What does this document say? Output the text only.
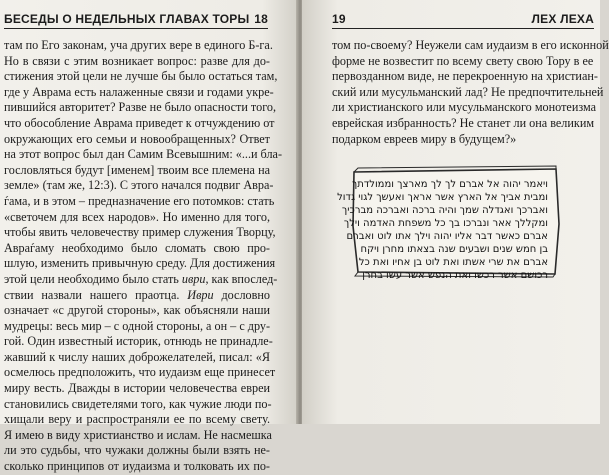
БЕСЕДЫ О НЕДЕЛЬНЫХ ГЛАВАХ ТОРЫ 18
там по Его законам, уча других вере в единого Б-га.
Но в связи с этим возникает вопрос: разве для до-
стижения этой цели не лучше бы было остаться там,
где у Аврама есть налаженные связи и годами укре-
пившийся авторитет? Разве не было опасности того,
что обособление Аврама приведет к отчуждению от
окружающих его семьи и новообращенных? Ответ
на этот вопрос был дан Самим Всевышним: «...и бла-
гословляться будут [именем] твоим все племена на
земле» (там же, 12:3). С этого начался подвиг Авра-
ѓама, и в этом – предназначение его потомков: стать
«светочем для всех народов». Но именно для того,
чтобы явить человечеству пример служения Творцу,
Авраѓаму необходимо было сломать свою про-
шлую, изменить привычную среду. Для достижения
этой цели необходимо было стать иври, как впослед-
ствии назвали нашего праотца. Иври дословно
означает «с другой стороны», как объясняли наши
мудрецы: весь мир – с одной стороны, а он – с дру-
гой. Один известный историк, отнюдь не принадле-
жавший к числу наших доброжелателей, писал: «Я
осмелюсь предположить, что иудаизм еще принесет
миру весть. Дважды в истории человечества евреи
становились свидетелями того, как чужие люди по-
хищали веру и распространяли ее по всему свету.
Я имею в виду христианство и ислам. Не насмешка
ли это судьбы, что чужаки должны были взять не-
сколько принципов от иудаизма и толковать их по-
19	ЛЕХ ЛЕХА
том по-своему? Неужели сам иудаизм в его исконной
форме не возвестит по всему свету свою Тору в ее
первозданном виде, не перекроенную на христиан-
ский или мусульманский лад? Не предпочтительней
ли христианского или мусульманского монотеизма
еврейская избранность? Не станет ли она великим
подарком евреев миру в будущем?»

ויאמר יהוה אל אברם לך לך מארצך וממולדתך
ומבית אביך אל הארץ אשר אראך ואעשך לגוי גדול
ואברכך ואגדלה שמך והיה ברכה ואברכה מברכיך
ומקללך אאר ונברכו בך כל משפחת האדמה וילך
אברם כאשר דבר אליו יהוה וילך אתו לוט ואברם
בן חמש שנים ושבעים שנה בצאתו מחרן ויקח
אברם את שרי אשתו ואת לוט בן אחיו ואת כל
רכושם אשר רכשו ואת הנפש אשר עשו בחרן
